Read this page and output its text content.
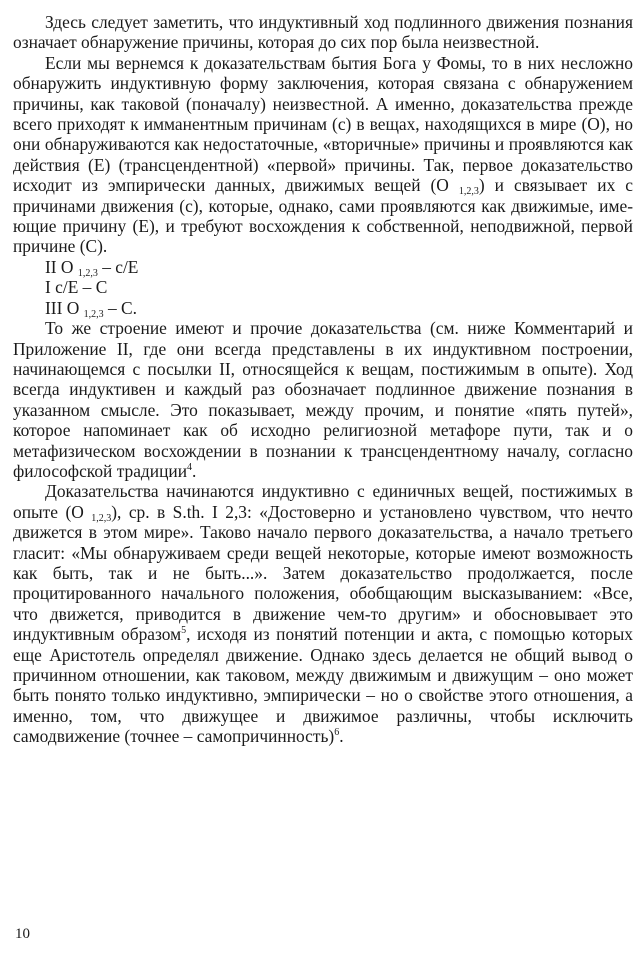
Здесь следует заметить, что индуктивный ход подлинного движения познания означает обнаружение причины, которая до сих пор была неизвестной.

Если мы вернемся к доказательствам бытия Бога у Фомы, то в них несложно обнаружить индуктивную форму заключения, которая связана с обнаружением причины, как таковой (поначалу) неизвестной. А именно, доказательства прежде всего приходят к имманентным причинам (с) в вещах, находящихся в мире (О), но они обнаруживаются как недостаточные, «вторичные» причины и проявляются как действия (Е) (трансцендентной) «первой» причины. Так, первое доказательство исходит из эмпирически данных, движимых вещей (О $_{1,2,3}$) и связывает их с причинами движения (с), которые, однако, сами проявляются как движимые, имеющие причину (Е), и требуют восхождения к собственной, неподвижной, первой причине (С).

II O $_{1,2,3}$ – c/E
I c/E – C
III O $_{1,2,3}$ – C.

То же строение имеют и прочие доказательства (см. ниже Комментарий и Приложение II, где они всегда представлены в их индуктивном построении, начинающемся с посылки II, относящейся к вещам, постижимым в опыте). Ход всегда индуктивен и каждый раз обозначает подлинное движение познания в указанном смысле. Это показывает, между прочим, и понятие «пять путей», которое напоминает как об исходно религиозной метафоре пути, так и о метафизическом восхождении в познании к трансцендентному началу, согласно философской традиции$^4$.

Доказательства начинаются индуктивно с единичных вещей, постижимых в опыте (О $_{1,2,3}$), ср. в S.th. I 2,3: «Достоверно и установлено чувством, что нечто движется в этом мире». Таково начало первого доказательства, а начало третьего гласит: «Мы обнаруживаем среди вещей некоторые, которые имеют возможность как быть, так и не быть...». Затем доказательство продолжается, после процитированного начального положения, обобщающим высказыванием: «Все, что движется, приводится в движение чем-то другим» и обосновывает это индуктивным образом$^5$, исходя из понятий потенции и акта, с помощью которых еще Аристотель определял движение. Однако здесь делается не общий вывод о причинном отношении, как таковом, между движимым и движущим – оно может быть понято только индуктивно, эмпирически – но о свойстве этого отношения, а именно, том, что движущее и движимое различны, чтобы исключить самодвижение (точнее – самопричинность)$^6$.

10
